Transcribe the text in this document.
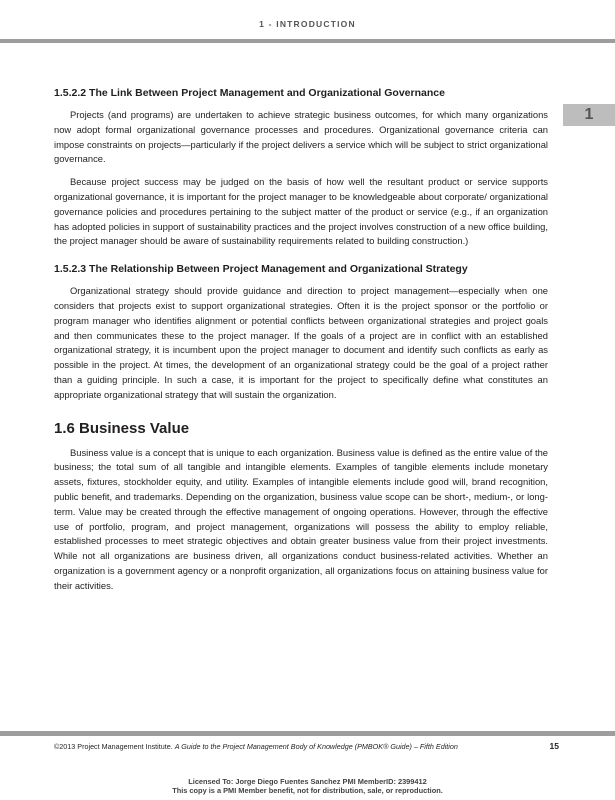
1 - INTRODUCTION
1
1.5.2.2 The Link Between Project Management and Organizational Governance

Projects (and programs) are undertaken to achieve strategic business outcomes, for which many organizations now adopt formal organizational governance processes and procedures. Organizational governance criteria can impose constraints on projects—particularly if the project delivers a service which will be subject to strict organizational governance.

Because project success may be judged on the basis of how well the resultant product or service supports organizational governance, it is important for the project manager to be knowledgeable about corporate/ organizational governance policies and procedures pertaining to the subject matter of the product or service (e.g., if an organization has adopted policies in support of sustainability practices and the project involves construction of a new office building, the project manager should be aware of sustainability requirements related to building construction.)

1.5.2.3 The Relationship Between Project Management and Organizational Strategy

Organizational strategy should provide guidance and direction to project management—especially when one considers that projects exist to support organizational strategies. Often it is the project sponsor or the portfolio or program manager who identifies alignment or potential conflicts between organizational strategies and project goals and then communicates these to the project manager. If the goals of a project are in conflict with an established organizational strategy, it is incumbent upon the project manager to document and identify such conflicts as early as possible in the project. At times, the development of an organizational strategy could be the goal of a project rather than a guiding principle. In such a case, it is important for the project to specifically define what constitutes an appropriate organizational strategy that will sustain the organization.

1.6 Business Value

Business value is a concept that is unique to each organization. Business value is defined as the entire value of the business; the total sum of all tangible and intangible elements. Examples of tangible elements include monetary assets, fixtures, stockholder equity, and utility. Examples of intangible elements include good will, brand recognition, public benefit, and trademarks. Depending on the organization, business value scope can be short-, medium-, or long-term. Value may be created through the effective management of ongoing operations. However, through the effective use of portfolio, program, and project management, organizations will possess the ability to employ reliable, established processes to meet strategic objectives and obtain greater business value from their project investments. While not all organizations are business driven, all organizations conduct business-related activities. Whether an organization is a government agency or a nonprofit organization, all organizations focus on attaining business value for their activities.

©2013 Project Management Institute. A Guide to the Project Management Body of Knowledge (PMBOK® Guide) – Fifth Edition	15
Licensed To: Jorge Diego Fuentes Sanchez PMI MemberID: 2399412
This copy is a PMI Member benefit, not for distribution, sale, or reproduction.
